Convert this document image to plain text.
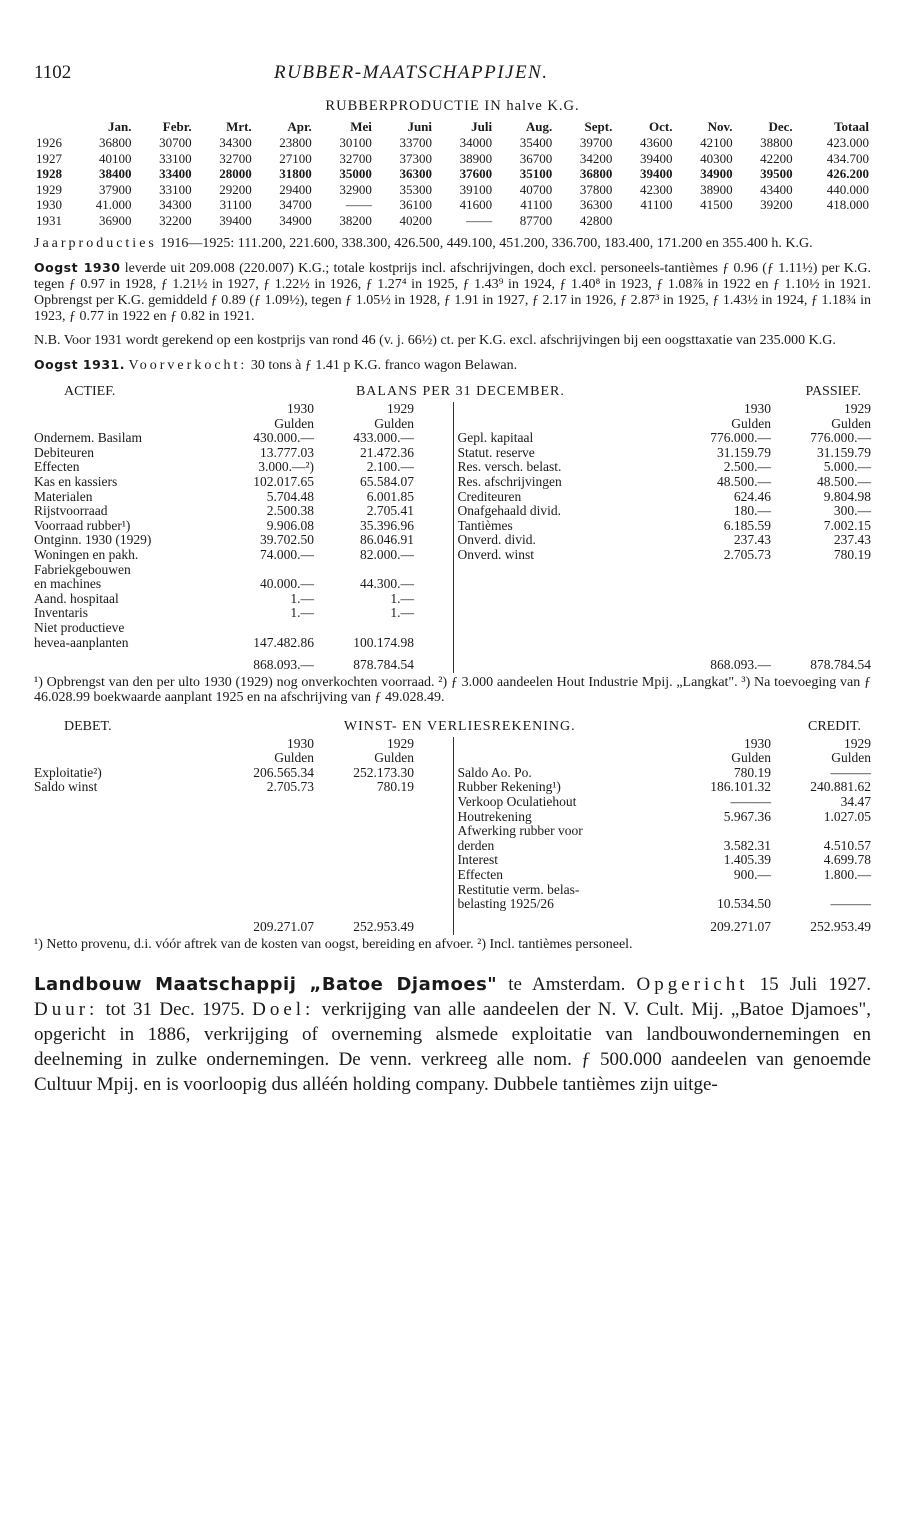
1102	RUBBER-MAATSCHAPPIJEN.
RUBBERPRODUCTIE IN halve K.G.
	Jan.	Febr.	Mrt.	Apr.	Mei	Juni	Juli	Aug.	Sept.	Oct.	Nov.	Dec.	Totaal
1926	36800	30700	34300	23800	30100	33700	34000	35400	39700	43600	42100	38800	423.000
1927	40100	33100	32700	27100	32700	37300	38900	36700	34200	39400	40300	42200	434.700
1928	38400	33400	28000	31800	35000	36300	37600	35100	36800	39400	34900	39500	426.200
1929	37900	33100	29200	29400	32900	35300	39100	40700	37800	42300	38900	43400	440.000
1930	41.000	34300	31100	34700	——	36100	41600	41100	36300	41100	41500	39200	418.000
1931	36900	32200	39400	34900	38200	40200	——	87700	42800				

Jaarproducties 1916—1925: 111.200, 221.600, 338.300, 426.500, 449.100, 451.200, 336.700, 183.400, 171.200 en 355.400 h. K.G.

Oogst 1930 leverde uit 209.008 (220.007) K.G.; totale kostprijs incl. afschrijvingen, doch excl. personeels-tantièmes ƒ 0.96 (ƒ 1.11½) per K.G. tegen ƒ 0.97 in 1928, ƒ 1.21½ in 1927, ƒ 1.22½ in 1926, ƒ 1.27⁴ in 1925, ƒ 1.43⁹ in 1924, ƒ 1.40⁸ in 1923, ƒ 1.08⅞ in 1922 en ƒ 1.10½ in 1921. Opbrengst per K.G. gemiddeld ƒ 0.89 (ƒ 1.09½), tegen ƒ 1.05½ in 1928, ƒ 1.91 in 1927, ƒ 2.17 in 1926, ƒ 2.87³ in 1925, ƒ 1.43½ in 1924, ƒ 1.18¾ in 1923, ƒ 0.77 in 1922 en ƒ 0.82 in 1921.

N.B. Voor 1931 wordt gerekend op een kostprijs van rond 46 (v. j. 66½) ct. per K.G. excl. afschrijvingen bij een oogsttaxatie van 235.000 K.G.

Oogst 1931. Voorverkocht: 30 tons à ƒ 1.41 p K.G. franco wagon Belawan.

ACTIEF.	BALANS PER 31 DECEMBER.	PASSIEF.
1930	1929
Gulden	Gulden
Ondernem. Basilam	430.000.—	433.000.—
Debiteuren	13.777.03	21.472.36
Effecten	3.000.—²)	2.100.—
Kas en kassiers	102.017.65	65.584.07
Materialen	5.704.48	6.001.85
Rijstvoorraad	2.500.38	2.705.41
Voorraad rubber¹)	9.906.08	35.396.96
Ontginn. 1930 (1929)	39.702.50	86.046.91
Woningen en pakh.	74.000.—	82.000.—
Fabriekgebouwen
en machines	40.000.—	44.300.—
Aand. hospitaal	1.—	1.—
Inventaris	1.—	1.—
Niet productieve
hevea-aanplanten	147.482.86	100.174.98
868.093.—	878.784.54
1930	1929
Gulden	Gulden
Gepl. kapitaal	776.000.—	776.000.—
Statut. reserve	31.159.79	31.159.79
Res. versch. belast.	2.500.—	5.000.—
Res. afschrijvingen	48.500.—	48.500.—
Crediteuren	624.46	9.804.98
Onafgehaald divid.	180.—	300.—
Tantièmes	6.185.59	7.002.15
Onverd. divid.	237.43	237.43
Onverd. winst	2.705.73	780.19
868.093.—	878.784.54

¹) Opbrengst van den per ulto 1930 (1929) nog onverkochten voorraad. ²) ƒ 3.000 aandeelen Hout Industrie Mpij. „Langkat". ³) Na toevoeging van ƒ 46.028.99 boekwaarde aanplant 1925 en na afschrijving van ƒ 49.028.49.

DEBET.	WINST- EN VERLIESREKENING.	CREDIT.
1930	1929
Gulden	Gulden
Exploitatie²)	206.565.34	252.173.30
Saldo winst	2.705.73	780.19
209.271.07	252.953.49
1930	1929
Gulden	Gulden
Saldo Ao. Po.	780.19	———
Rubber Rekening¹)	186.101.32	240.881.62
Verkoop Oculatiehout	———	34.47
Houtrekening	5.967.36	1.027.05
Afwerking rubber voor
derden	3.582.31	4.510.57
Interest	1.405.39	4.699.78
Effecten	900.—	1.800.—
Restitutie verm. belas-
belasting 1925/26	10.534.50	———
209.271.07	252.953.49

¹) Netto provenu, d.i. vóór aftrek van de kosten van oogst, bereiding en afvoer. ²) Incl. tantièmes personeel.

Landbouw Maatschappij „Batoe Djamoes" te Amsterdam. Opgericht 15 Juli 1927. Duur: tot 31 Dec. 1975. Doel: verkrijging van alle aandeelen der N. V. Cult. Mij. „Batoe Djamoes", opgericht in 1886, verkrijging of overneming alsmede exploitatie van landbouwondernemingen en deelneming in zulke ondernemingen. De venn. verkreeg alle nom. ƒ 500.000 aandeelen van genoemde Cultuur Mpij. en is voorloopig dus alléén holding company. Dubbele tantièmes zijn uitge-
